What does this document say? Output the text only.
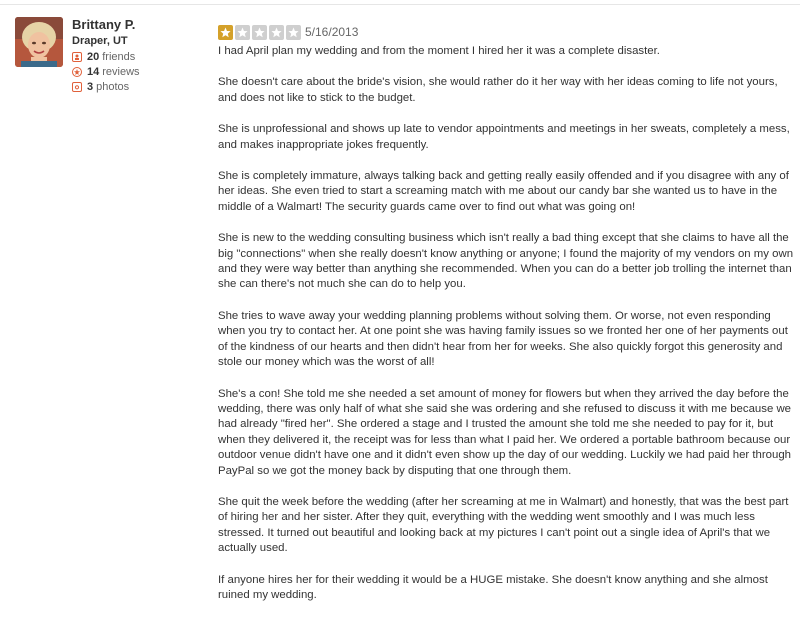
Brittany P.
Draper, UT
20 friends
14 reviews
3 photos
5/16/2013

I had April plan my wedding and from the moment I hired her it was a complete disaster.

She doesn't care about the bride's vision, she would rather do it her way with her ideas coming to life not yours, and does not like to stick to the budget.

She is unprofessional and shows up late to vendor appointments and meetings in her sweats, completely a mess, and makes inappropriate jokes frequently.

She is completely immature, always talking back and getting really easily offended and if you disagree with any of her ideas. She even tried to start a screaming match with me about our candy bar she wanted us to have in the middle of a Walmart! The security guards came over to find out what was going on!

She is new to the wedding consulting business which isn't really a bad thing except that she claims to have all the big "connections" when she really doesn't know anything or anyone; I found the majority of my vendors on my own and they were way better than anything she recommended. When you can do a better job trolling the internet than she can there's not much she can do to help you.

She tries to wave away your wedding planning problems without solving them. Or worse, not even responding when you try to contact her. At one point she was having family issues so we fronted her one of her payments out of the kindness of our hearts and then didn't hear from her for weeks. She also quickly forgot this generosity and stole our money which was the worst of all!

She's a con! She told me she needed a set amount of money for flowers but when they arrived the day before the wedding, there was only half of what she said she was ordering and she refused to discuss it with me because we had already "fired her". She ordered a stage and I trusted the amount she told me she needed to pay for it, but when they delivered it, the receipt was for less than what I paid her. We ordered a portable bathroom because our outdoor venue didn't have one and it didn't even show up the day of our wedding. Luckily we had paid her through PayPal so we got the money back by disputing that one through them.

She quit the week before the wedding (after her screaming at me in Walmart) and honestly, that was the best part of hiring her and her sister. After they quit, everything with the wedding went smoothly and I was much less stressed. It turned out beautiful and looking back at my pictures I can't point out a single idea of April's that we actually used.

If anyone hires her for their wedding it would be a HUGE mistake. She doesn't know anything and she almost ruined my wedding.
